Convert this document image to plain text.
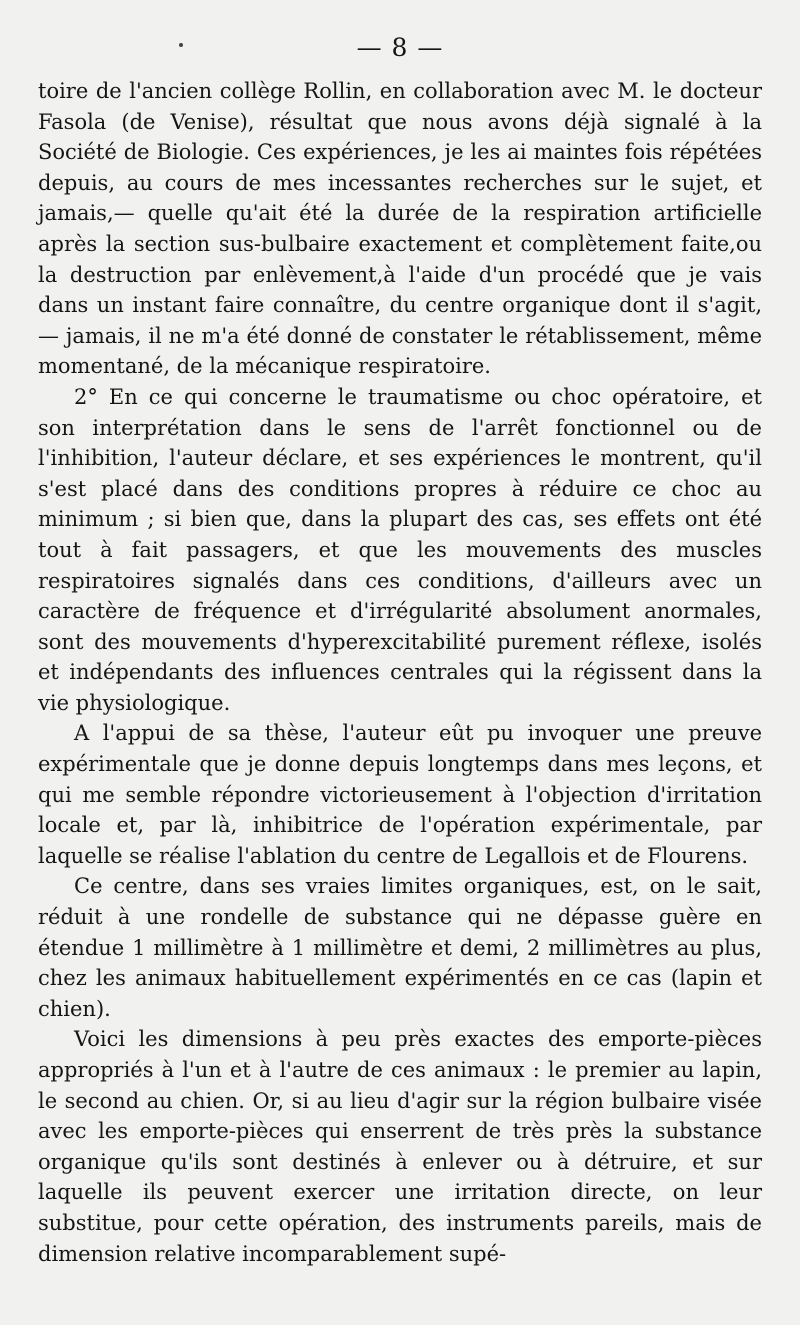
— 8 —

toire de l'ancien collège Rollin, en collaboration avec M. le docteur Fasola (de Venise), résultat que nous avons déjà signalé à la Société de Biologie. Ces expériences, je les ai maintes fois répétées depuis, au cours de mes incessantes recherches sur le sujet, et jamais,— quelle qu'ait été la durée de la respiration artificielle après la section sus-bulbaire exactement et complètement faite,ou la destruction par enlèvement,à l'aide d'un procédé que je vais dans un instant faire connaître, du centre organique dont il s'agit, — jamais, il ne m'a été donné de constater le rétablissement, même momentané, de la mécanique respiratoire.

2° En ce qui concerne le traumatisme ou choc opératoire, et son interprétation dans le sens de l'arrêt fonctionnel ou de l'inhibition, l'auteur déclare, et ses expériences le montrent, qu'il s'est placé dans des conditions propres à réduire ce choc au minimum ; si bien que, dans la plupart des cas, ses effets ont été tout à fait passagers, et que les mouvements des muscles respiratoires signalés dans ces conditions, d'ailleurs avec un caractère de fréquence et d'irrégularité absolument anormales, sont des mouvements d'hyperexcitabilité purement réflexe, isolés et indépendants des influences centrales qui la régissent dans la vie physiologique.

A l'appui de sa thèse, l'auteur eût pu invoquer une preuve expérimentale que je donne depuis longtemps dans mes leçons, et qui me semble répondre victorieusement à l'objection d'irritation locale et, par là, inhibitrice de l'opération expérimentale, par laquelle se réalise l'ablation du centre de Legallois et de Flourens.

Ce centre, dans ses vraies limites organiques, est, on le sait, réduit à une rondelle de substance qui ne dépasse guère en étendue 1 millimètre à 1 millimètre et demi, 2 millimètres au plus, chez les animaux habituellement expérimentés en ce cas (lapin et chien).

Voici les dimensions à peu près exactes des emporte-pièces appropriés à l'un et à l'autre de ces animaux : le premier au lapin, le second au chien. Or, si au lieu d'agir sur la région bulbaire visée avec les emporte-pièces qui enserrent de très près la substance organique qu'ils sont destinés à enlever ou à détruire, et sur laquelle ils peuvent exercer une irritation directe, on leur substitue, pour cette opération, des instruments pareils, mais de dimension relative incomparablement supé-
